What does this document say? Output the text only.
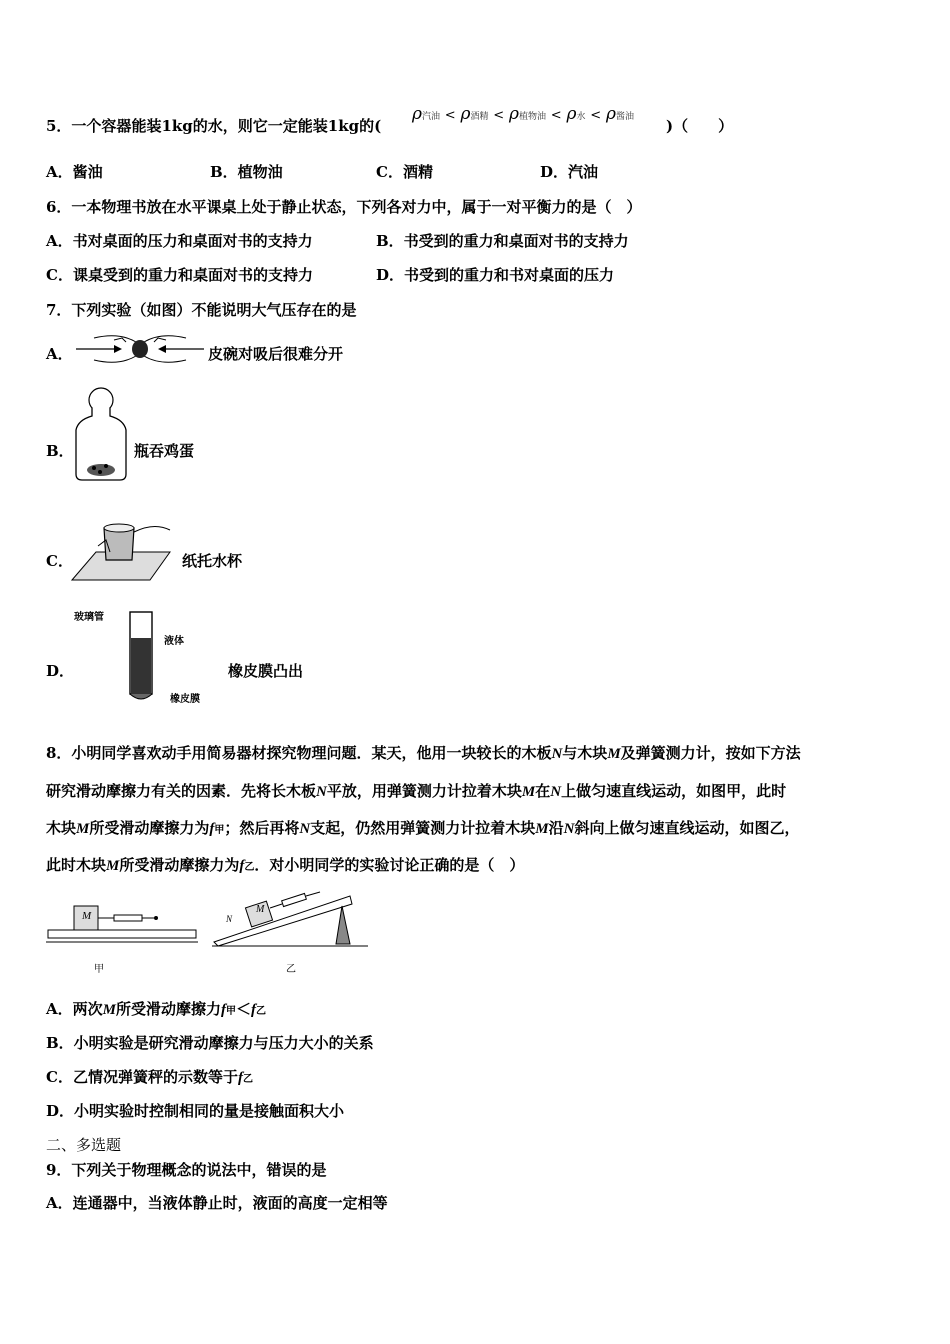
5．一个容器能装1kg的水，则它一定能装1kg的(
ρ汽油 < ρ酒精 < ρ植物油 < ρ水 < ρ酱油 )（　　）
A．酱油	B．植物油	C．酒精	D．汽油
6．一本物理书放在水平课桌上处于静止状态，下列各对力中，属于一对平衡力的是（　）
A．书对桌面的压力和桌面对书的支持力	B．书受到的重力和桌面对书的支持力
C．课桌受到的重力和桌面对书的支持力	D．书受到的重力和书对桌面的压力
7．下列实验（如图）不能说明大气压存在的是
A．	皮碗对吸后很难分开
B．	瓶吞鸡蛋
C．	纸托水杯
D．
玻璃管
液体
橡皮膜
橡皮膜凸出
8．小明同学喜欢动手用简易器材探究物理问题．某天，他用一块较长的木板N与木块M及弹簧测力计，按如下方法
研究滑动摩擦力有关的因素．先将长木板N平放，用弹簧测力计拉着木块M在N上做匀速直线运动，如图甲，此时
木块M所受滑动摩擦力为f甲；然后再将N支起，仍然用弹簧测力计拉着木块M沿N斜向上做匀速直线运动，如图乙，
此时木块M所受滑动摩擦力为f乙．对小明同学的实验讨论正确的是（　）
M
甲
N
M
乙
A．两次M所受滑动摩擦力f甲＜f乙
B．小明实验是研究滑动摩擦力与压力大小的关系
C．乙情况弹簧秤的示数等于f乙
D．小明实验时控制相同的量是接触面积大小
二、多选题
9．下列关于物理概念的说法中，错误的是
A．连通器中，当液体静止时，液面的高度一定相等
